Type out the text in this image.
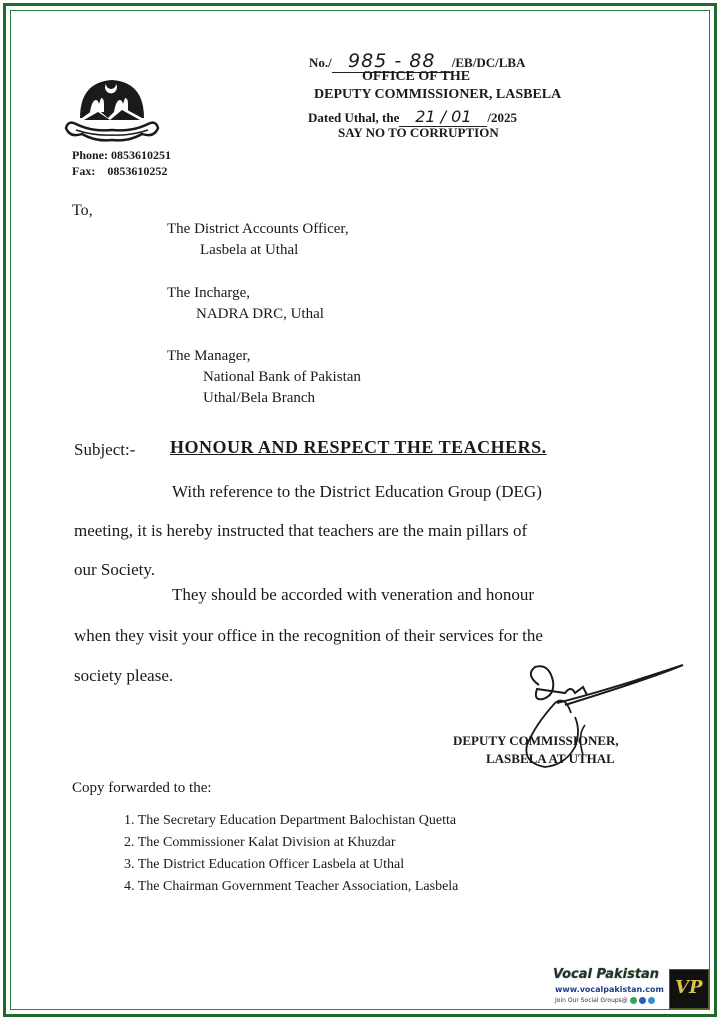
No./ 985 - 88 /EB/DC/LBA
OFFICE OF THE
DEPUTY COMMISSIONER, LASBELA
Dated Uthal, the 21 / 01 /2025
SAY NO TO CORRUPTION
Phone: 0853610251
Fax:    0853610252
To,
The District Accounts Officer,
Lasbela at Uthal
The Incharge,
NADRA DRC, Uthal
The Manager,
National Bank of Pakistan
Uthal/Bela Branch
Subject:- HONOUR AND RESPECT THE TEACHERS.
With reference to the District Education Group (DEG)
meeting, it is hereby instructed that teachers are the main pillars of
our Society.
They should be accorded with veneration and honour
when they visit your office in the recognition of their services for the
society please.
DEPUTY COMMISSIONER,
LASBELA AT UTHAL
Copy forwarded to the:
1. The Secretary Education Department Balochistan Quetta
2. The Commissioner Kalat Division at Khuzdar
3. The District Education Officer Lasbela at Uthal
4. The Chairman Government Teacher Association, Lasbela
Vocal Pakistan
www.vocalpakistan.com
Join Our Social Groups@
VP
